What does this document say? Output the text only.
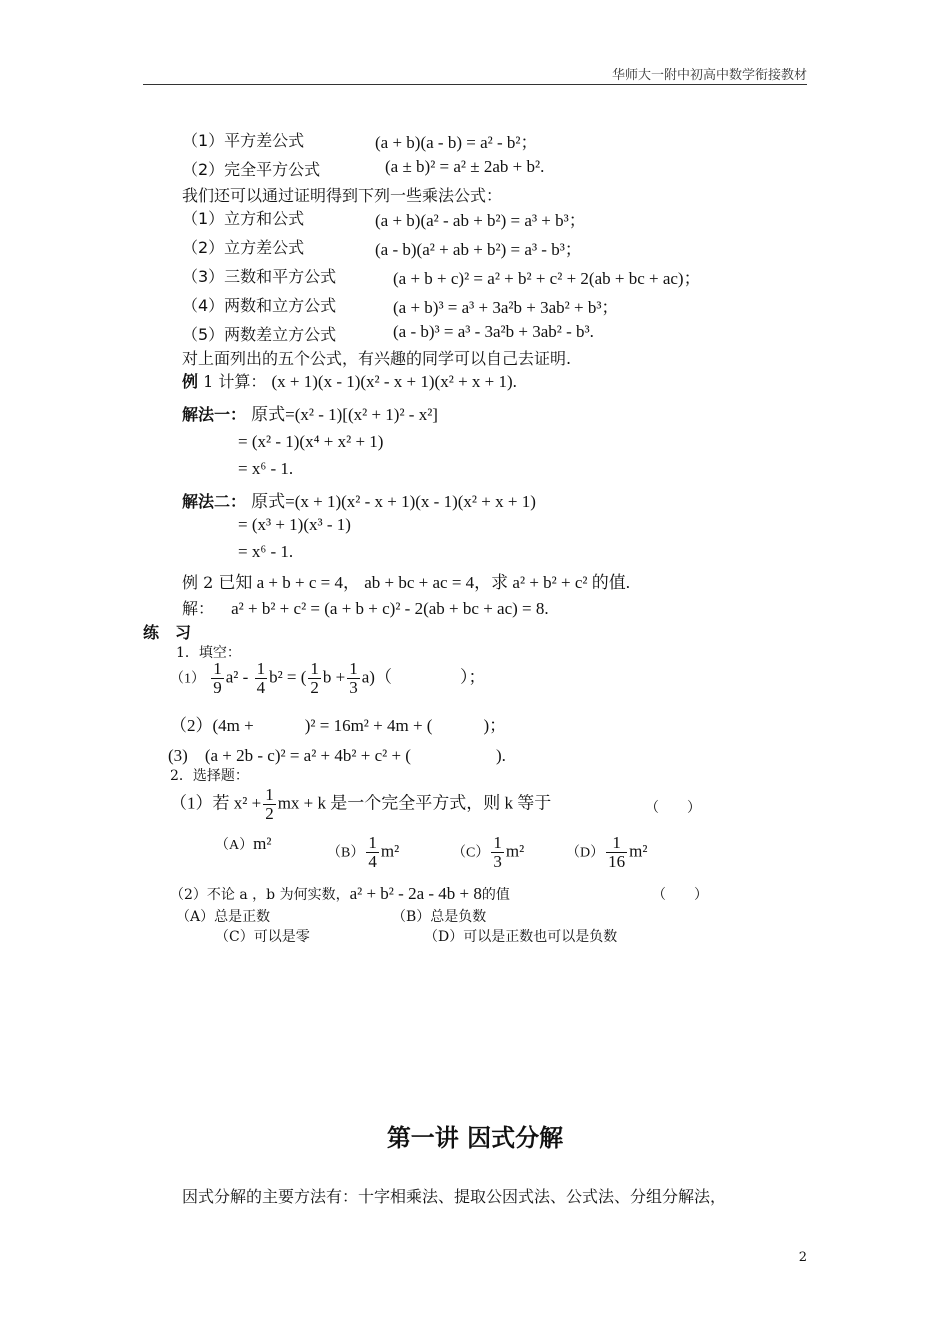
华师大一附中初高中数学衔接教材
（1）平方差公式	(a + b)(a - b) = a² - b²；
（2）完全平方公式	(a ± b)² = a² ± 2ab + b².
我们还可以通过证明得到下列一些乘法公式：
（1）立方和公式	(a + b)(a² - ab + b²) = a³ + b³；
（2）立方差公式	(a - b)(a² + ab + b²) = a³ - b³；
（3）三数和平方公式	(a + b + c)² = a² + b² + c² + 2(ab + bc + ac)；
（4）两数和立方公式	(a + b)³ = a³ + 3a²b + 3ab² + b³；
（5）两数差立方公式	(a - b)³ = a³ - 3a²b + 3ab² - b³.
对上面列出的五个公式，有兴趣的同学可以自己去证明.
例 1 计算： (x + 1)(x - 1)(x² - x + 1)(x² + x + 1).
解法一： 原式=(x² - 1)[(x² + 1)² - x²]
= (x² - 1)(x⁴ + x² + 1)
= x⁶ - 1.
解法二： 原式=(x + 1)(x² - x + 1)(x - 1)(x² + x + 1)
= (x³ + 1)(x³ - 1)
= x⁶ - 1.
例 2 已知 a + b + c = 4， ab + bc + ac = 4，求 a² + b² + c² 的值.
解： a² + b² + c² = (a + b + c)² - 2(ab + bc + ac) = 8.
练　习
1．填空：
$(1) \frac{1}{9} a^2 - \frac{1}{4} b^2$ = ( $\frac{1}{2}$ $b + \frac{1}{3} a$)（　　　　）；
（2）(4m +　　　)² = 16m² + 4m + (　　　)；
(3)　(a + 2b - c)² = a² + 4b² + c² + (　　　　　).
2．选择题：
（1）若 $x^2 + \frac{1}{2}$ mx + k 是一个完全平方式，则 k 等于	（　　）
（A）m²	$(B) \frac{1}{4} m^2$	$(C) \frac{1}{3} m^2$	$(D) \frac{1}{16} m^2$
（2）不论 a ，b 为何实数，a² + b² - 2a - 4b + 8的值	（　　）
（A）总是正数	（B）总是负数
（C）可以是零	（D）可以是正数也可以是负数
第一讲 因式分解
因式分解的主要方法有：十字相乘法、提取公因式法、公式法、分组分解法，
2
